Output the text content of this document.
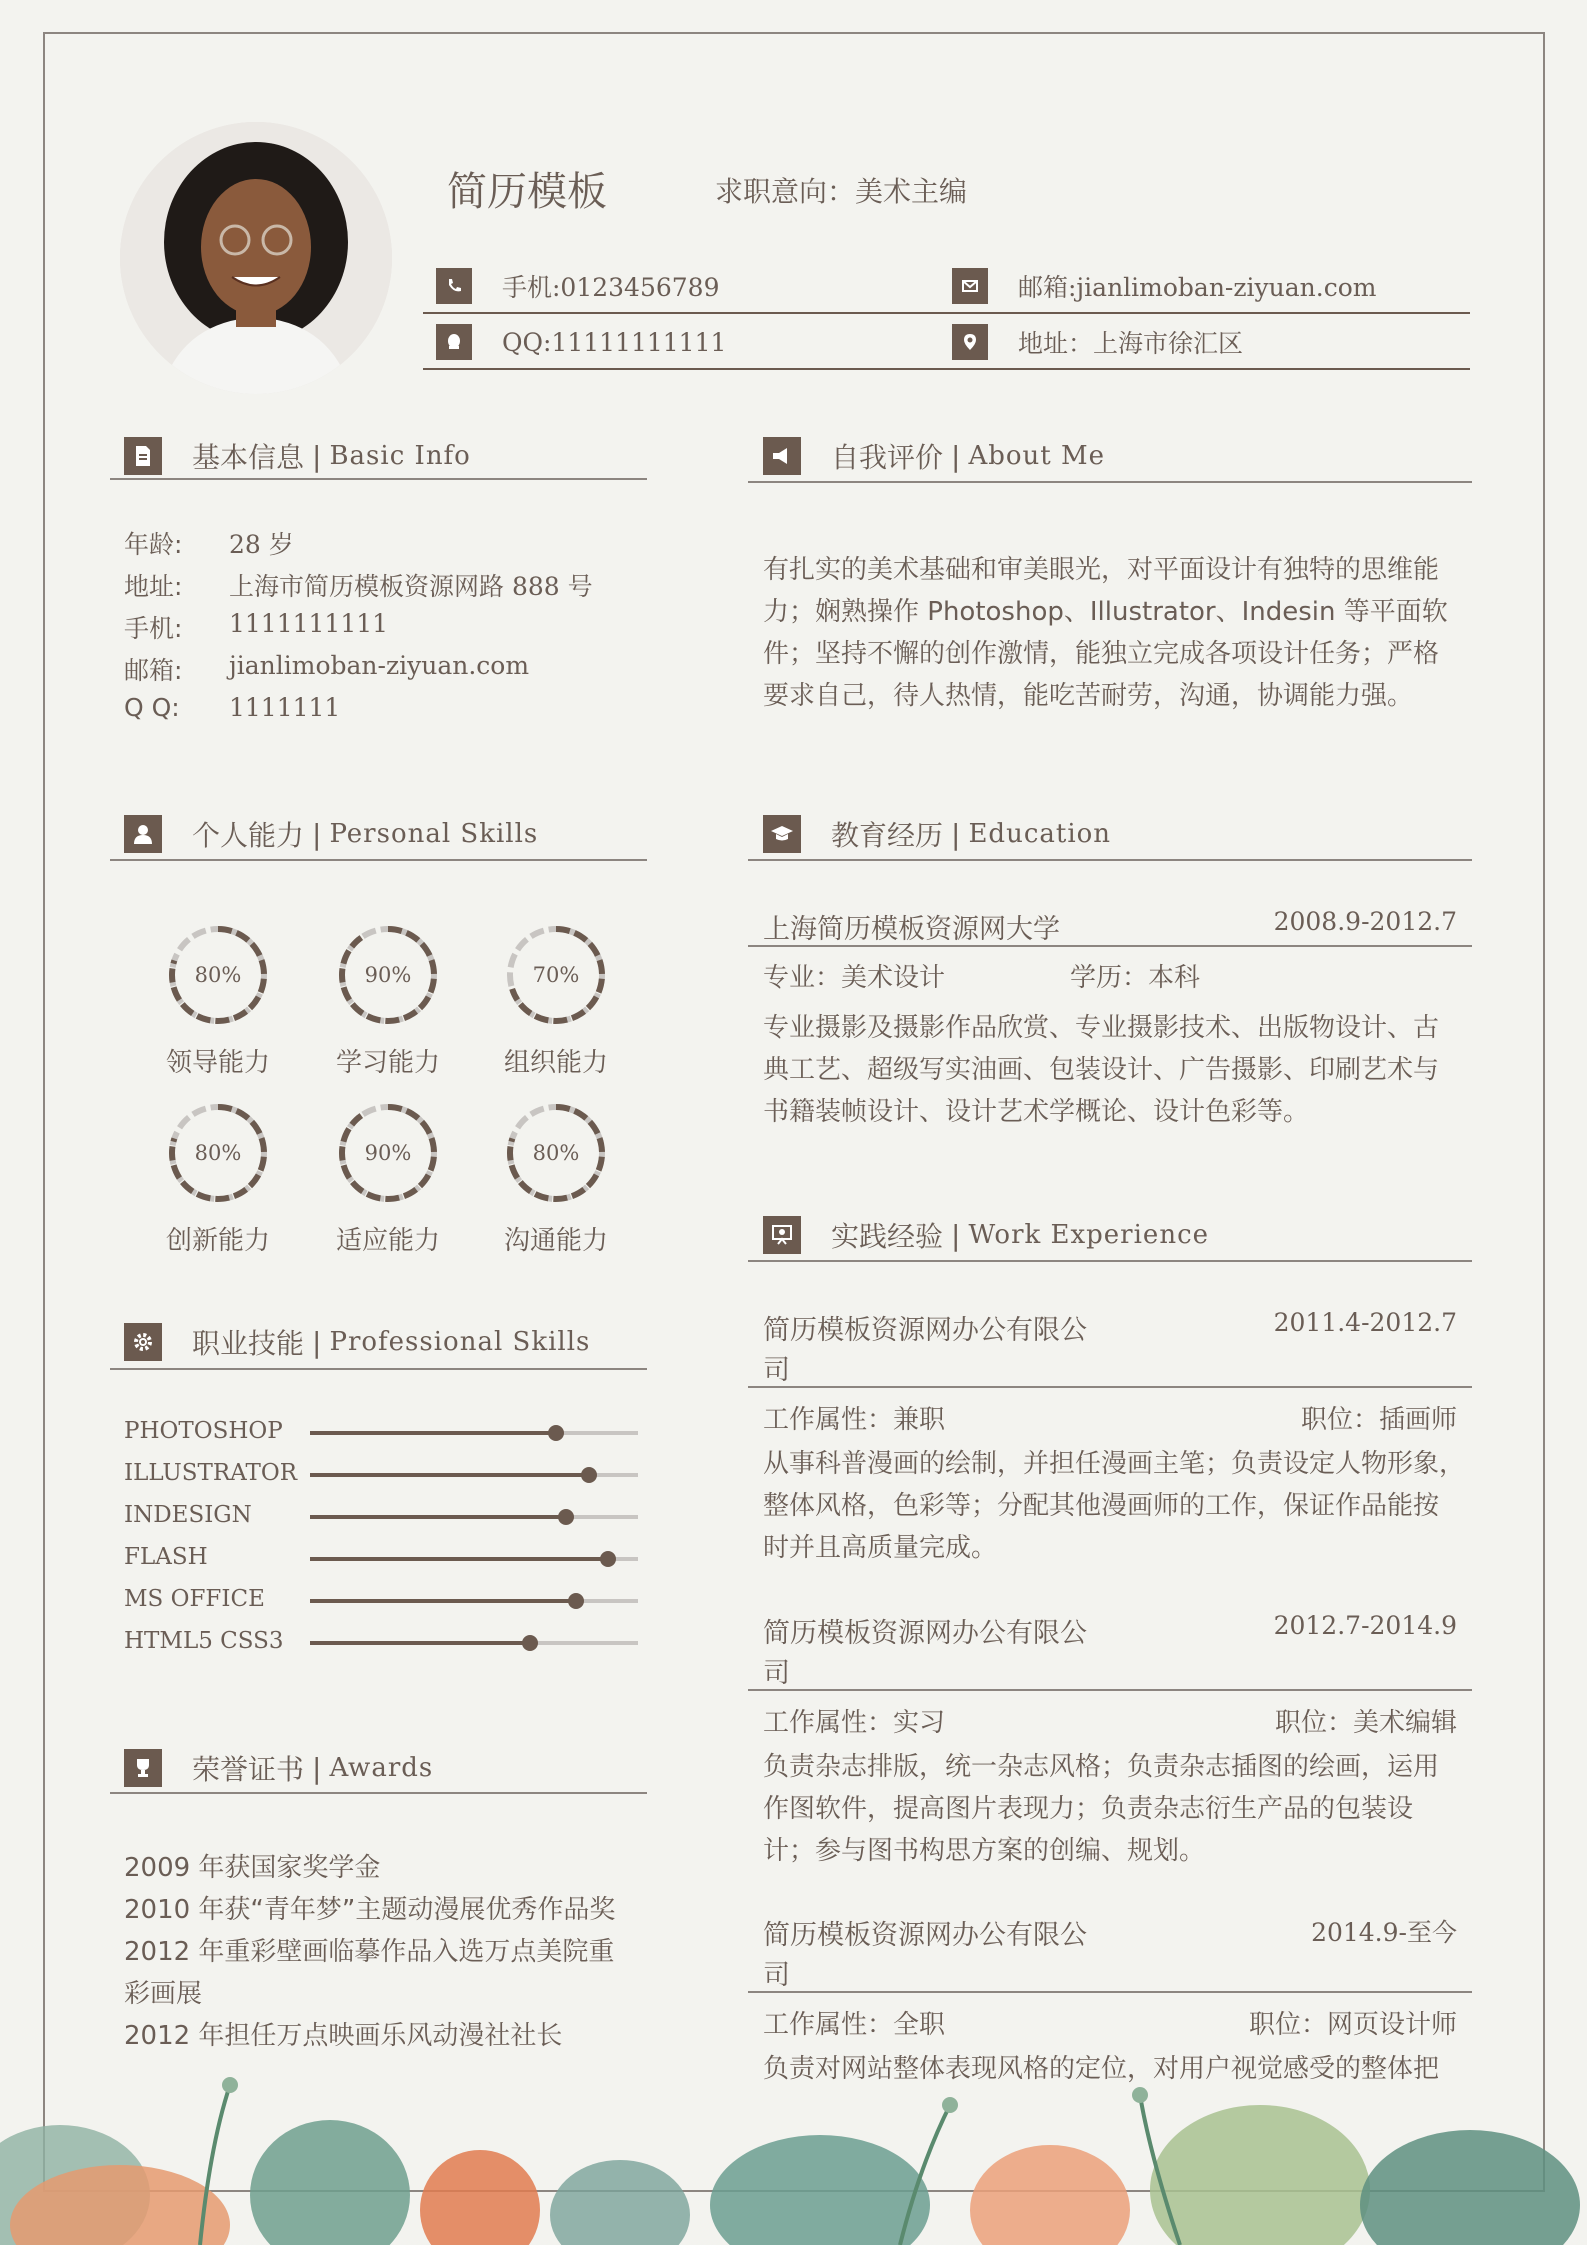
简历模板	求职意向：美术主编
手机:0123456789	邮箱:jianlimoban-ziyuan.com
QQ:11111111111	地址：上海市徐汇区
基本信息 | Basic Info
年龄:	28 岁
地址:	上海市简历模板资源网路 888 号
手机:	1111111111
邮箱:	jianlimoban-ziyuan.com
Q Q:	1111111
自我评价 | About Me
有扎实的美术基础和审美眼光，对平面设计有独特的思维能
力；娴熟操作 Photoshop、Illustrator、Indesin 等平面软
件；坚持不懈的创作激情，能独立完成各项设计任务；严格
要求自己，待人热情，能吃苦耐劳，沟通，协调能力强。
个人能力 | Personal Skills
80%
领导能力
90%
学习能力
70%
组织能力
80%
创新能力
90%
适应能力
80%
沟通能力
职业技能 | Professional Skills
PHOTOSHOP
ILLUSTRATOR
INDESIGN
FLASH
MS OFFICE
HTML5 CSS3
荣誉证书 | Awards
2009 年获国家奖学金
2010 年获“青年梦”主题动漫展优秀作品奖
2012 年重彩壁画临摹作品入选万点美院重
彩画展
2012 年担任万点映画乐风动漫社社长
教育经历 | Education
上海简历模板资源网大学	2008.9-2012.7
专业：美术设计	学历：本科
专业摄影及摄影作品欣赏、专业摄影技术、出版物设计、古
典工艺、超级写实油画、包装设计、广告摄影、印刷艺术与
书籍装帧设计、设计艺术学概论、设计色彩等。
实践经验 | Work Experience
简历模板资源网办公有限公
司
2011.4-2012.7
工作属性：兼职	职位：插画师
从事科普漫画的绘制，并担任漫画主笔；负责设定人物形象，
整体风格，色彩等；分配其他漫画师的工作，保证作品能按
时并且高质量完成。
简历模板资源网办公有限公
司
2012.7-2014.9
工作属性：实习	职位：美术编辑
负责杂志排版，统一杂志风格；负责杂志插图的绘画，运用
作图软件，提高图片表现力；负责杂志衍生产品的包装设
计；参与图书构思方案的创编、规划。
简历模板资源网办公有限公
司
2014.9-至今
工作属性：全职	职位：网页设计师
负责对网站整体表现风格的定位，对用户视觉感受的整体把
